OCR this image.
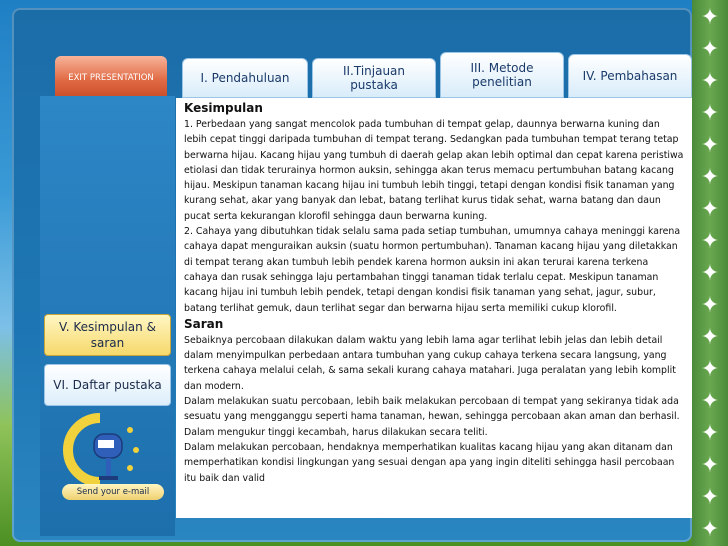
✦
✦
✦
✦
✦
✦
✦
✦
✦
✦
✦
✦
✦
✦
✦
✦
✦
EXIT PRESENTATION	I. Pendahuluan	II.Tinjauan pustaka
III. Metode penelitian	IV. Pembahasan
V. Kesimpulan & saran
VI. Daftar pustaka
Send your e-mail
Kesimpulan

1. Perbedaan yang sangat mencolok pada tumbuhan di tempat gelap, daunnya berwarna kuning dan lebih cepat tinggi daripada tumbuhan di tempat terang. Sedangkan pada tumbuhan tempat terang tetap berwarna hijau. Kacang hijau yang tumbuh di daerah gelap akan lebih optimal dan cepat karena peristiwa etiolasi dan tidak terurainya hormon auksin, sehingga akan terus memacu pertumbuhan batang kacang hijau. Meskipun tanaman kacang hijau ini tumbuh lebih tinggi, tetapi dengan kondisi fisik tanaman yang kurang sehat, akar yang banyak dan lebat, batang terlihat kurus tidak sehat, warna batang dan daun pucat serta kekurangan klorofil sehingga daun berwarna kuning.

2. Cahaya yang dibutuhkan tidak selalu sama pada setiap tumbuhan, umumnya cahaya meninggi karena cahaya dapat menguraikan auksin (suatu hormon pertumbuhan). Tanaman kacang hijau yang diletakkan di tempat terang akan tumbuh lebih pendek karena hormon auksin ini akan terurai karena terkena cahaya dan rusak sehingga laju pertambahan tinggi tanaman tidak terlalu cepat. Meskipun tanaman kacang hijau ini tumbuh lebih pendek, tetapi dengan kondisi fisik tanaman yang sehat, jagur, subur, batang terlihat gemuk, daun terlihat segar dan berwarna hijau serta memiliki cukup klorofil.

Saran

Sebaiknya percobaan dilakukan dalam waktu yang lebih lama agar terlihat lebih jelas dan lebih detail dalam menyimpulkan perbedaan antara tumbuhan yang cukup cahaya terkena secara langsung, yang terkena cahaya melalui celah, & sama sekali kurang cahaya matahari. Juga peralatan yang lebih komplit dan modern.

Dalam melakukan suatu percobaan, lebih baik melakukan percobaan di tempat yang sekiranya tidak ada sesuatu yang mengganggu seperti hama tanaman, hewan, sehingga percobaan akan aman dan berhasil.

Dalam mengukur tinggi kecambah, harus dilakukan secara teliti.

Dalam melakukan percobaan, hendaknya memperhatikan kualitas kacang hijau yang akan ditanam dan memperhatikan kondisi lingkungan yang sesuai dengan apa yang ingin diteliti sehingga hasil percobaan itu baik dan valid
